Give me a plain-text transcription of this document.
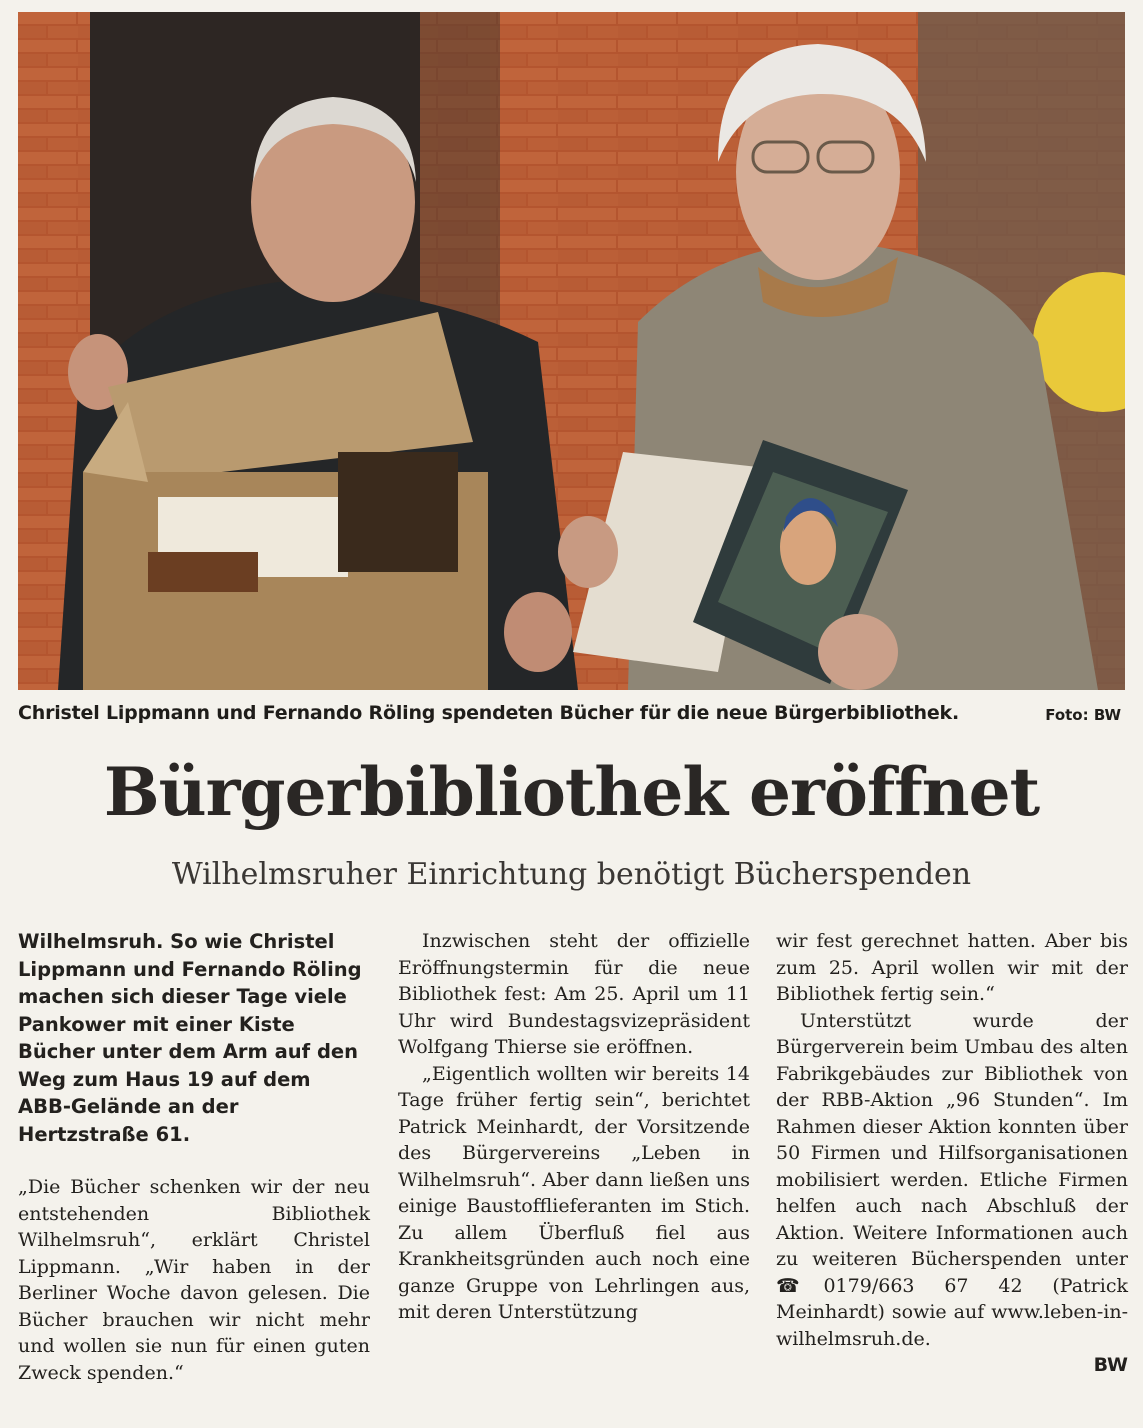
Christel Lippmann und Fernando Röling spendeten Bücher für die neue Bürgerbibliothek.	Foto: BW
Bürgerbibliothek eröffnet
Wilhelmsruher Einrichtung benötigt Bücherspenden

Wilhelmsruh. So wie Christel Lippmann und Fernando Röling machen sich dieser Tage viele Pankower mit einer Kiste Bücher unter dem Arm auf den Weg zum Haus 19 auf dem ABB-Gelände an der Hertzstraße 61.

„Die Bücher schenken wir der neu entstehenden Bibliothek Wilhelmsruh“, erklärt Christel Lippmann. „Wir haben in der Berliner Woche davon gelesen. Die Bücher brauchen wir nicht mehr und wollen sie nun für einen guten Zweck spenden.“

Inzwischen steht der offizielle Eröffnungstermin für die neue Bibliothek fest: Am 25. April um 11 Uhr wird Bundestagsvizepräsident Wolfgang Thierse sie eröffnen.

„Eigentlich wollten wir bereits 14 Tage früher fertig sein“, berichtet Patrick Meinhardt, der Vorsitzende des Bürgervereins „Leben in Wilhelmsruh“. Aber dann ließen uns einige Baustofflieferanten im Stich. Zu allem Überfluß fiel aus Krankheitsgründen auch noch eine ganze Gruppe von Lehrlingen aus, mit deren Unterstützung

wir fest gerechnet hatten. Aber bis zum 25. April wollen wir mit der Bibliothek fertig sein.“

Unterstützt wurde der Bürgerverein beim Umbau des alten Fabrikgebäudes zur Bibliothek von der RBB-Aktion „96 Stunden“. Im Rahmen dieser Aktion konnten über 50 Firmen und Hilfsorganisationen mobilisiert werden. Etliche Firmen helfen auch nach Abschluß der Aktion. Weitere Informationen auch zu weiteren Bücherspenden unter ☎0179/663 67 42 (Patrick Meinhardt) sowie auf www.leben-in-wilhelmsruh.de.

BW
